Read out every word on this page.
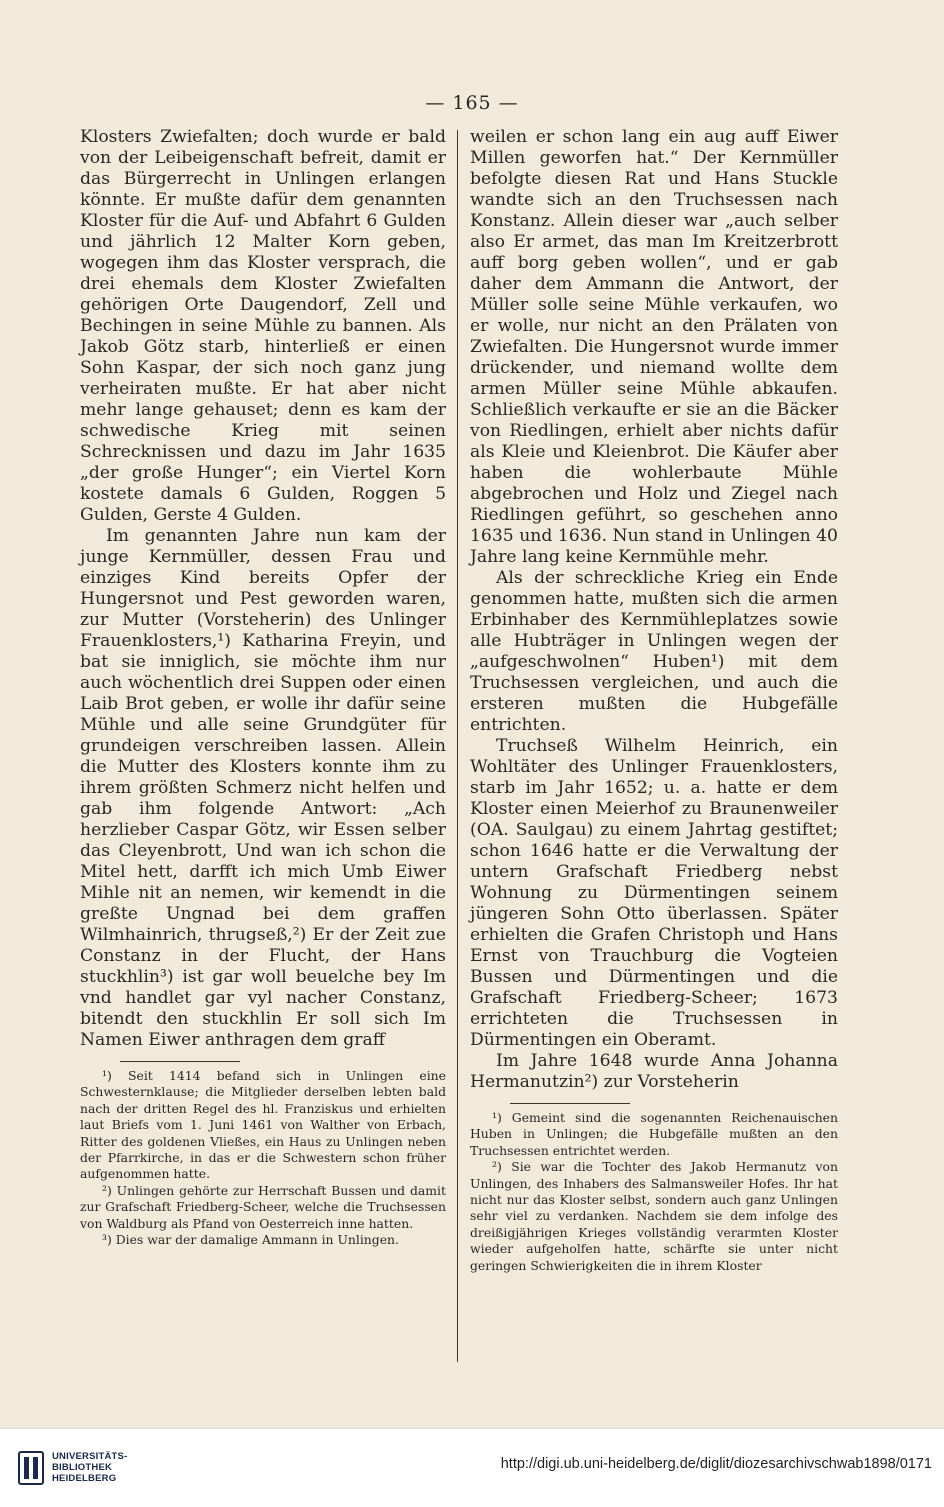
— 165 —

Klosters Zwiefalten; doch wurde er bald von der Leibeigenschaft befreit, damit er das Bürgerrecht in Unlingen erlangen könnte. Er mußte dafür dem genannten Kloster für die Auf- und Abfahrt 6 Gulden und jährlich 12 Malter Korn geben, wogegen ihm das Kloster versprach, die drei ehemals dem Kloster Zwiefalten gehörigen Orte Daugendorf, Zell und Bechingen in seine Mühle zu bannen. Als Jakob Götz starb, hinterließ er einen Sohn Kaspar, der sich noch ganz jung verheiraten mußte. Er hat aber nicht mehr lange gehauset; denn es kam der schwedische Krieg mit seinen Schrecknissen und dazu im Jahr 1635 „der große Hunger“; ein Viertel Korn kostete damals 6 Gulden, Roggen 5 Gulden, Gerste 4 Gulden.

Im genannten Jahre nun kam der junge Kernmüller, dessen Frau und einziges Kind bereits Opfer der Hungersnot und Pest geworden waren, zur Mutter (Vorsteherin) des Unlinger Frauenklosters,¹) Katharina Freyin, und bat sie inniglich, sie möchte ihm nur auch wöchentlich drei Suppen oder einen Laib Brot geben, er wolle ihr dafür seine Mühle und alle seine Grundgüter für grundeigen verschreiben lassen. Allein die Mutter des Klosters konnte ihm zu ihrem größten Schmerz nicht helfen und gab ihm folgende Antwort: „Ach herzlieber Caspar Götz, wir Essen selber das Cleyenbrott, Und wan ich schon die Mitel hett, darfft ich mich Umb Eiwer Mihle nit an nemen, wir kemendt in die greßte Ungnad bei dem graffen Wilmhainrich, thrugseß,²) Er der Zeit zue Constanz in der Flucht, der Hans stuckhlin³) ist gar woll beuelche bey Im vnd handlet gar vyl nacher Constanz, bitendt den stuckhlin Er soll sich Im Namen Eiwer anthragen dem graff

¹) Seit 1414 befand sich in Unlingen eine Schwesternklause; die Mitglieder derselben lebten bald nach der dritten Regel des hl. Franziskus und erhielten laut Briefs vom 1. Juni 1461 von Walther von Erbach, Ritter des goldenen Vließes, ein Haus zu Unlingen neben der Pfarrkirche, in das er die Schwestern schon früher aufgenommen hatte.

²) Unlingen gehörte zur Herrschaft Bussen und damit zur Grafschaft Friedberg-Scheer, welche die Truchsessen von Waldburg als Pfand von Oesterreich inne hatten.

³) Dies war der damalige Ammann in Unlingen.

weilen er schon lang ein aug auff Eiwer Millen geworfen hat.“ Der Kernmüller befolgte diesen Rat und Hans Stuckle wandte sich an den Truchsessen nach Konstanz. Allein dieser war „auch selber also Er armet, das man Im Kreitzerbrott auff borg geben wollen“, und er gab daher dem Ammann die Antwort, der Müller solle seine Mühle verkaufen, wo er wolle, nur nicht an den Prälaten von Zwiefalten. Die Hungersnot wurde immer drückender, und niemand wollte dem armen Müller seine Mühle abkaufen. Schließlich verkaufte er sie an die Bäcker von Riedlingen, erhielt aber nichts dafür als Kleie und Kleienbrot. Die Käufer aber haben die wohlerbaute Mühle abgebrochen und Holz und Ziegel nach Riedlingen geführt, so geschehen anno 1635 und 1636. Nun stand in Unlingen 40 Jahre lang keine Kernmühle mehr.

Als der schreckliche Krieg ein Ende genommen hatte, mußten sich die armen Erbinhaber des Kernmühleplatzes sowie alle Hubträger in Unlingen wegen der „aufgeschwolnen“ Huben¹) mit dem Truchsessen vergleichen, und auch die ersteren mußten die Hubgefälle entrichten.

Truchseß Wilhelm Heinrich, ein Wohltäter des Unlinger Frauenklosters, starb im Jahr 1652; u. a. hatte er dem Kloster einen Meierhof zu Braunenweiler (OA. Saulgau) zu einem Jahrtag gestiftet; schon 1646 hatte er die Verwaltung der untern Grafschaft Friedberg nebst Wohnung zu Dürmentingen seinem jüngeren Sohn Otto überlassen. Später erhielten die Grafen Christoph und Hans Ernst von Trauchburg die Vogteien Bussen und Dürmentingen und die Grafschaft Friedberg-Scheer; 1673 errichteten die Truchsessen in Dürmentingen ein Oberamt.

Im Jahre 1648 wurde Anna Johanna Hermanutzin²) zur Vorsteherin

¹) Gemeint sind die sogenannten Reichenauischen Huben in Unlingen; die Hubgefälle mußten an den Truchsessen entrichtet werden.

²) Sie war die Tochter des Jakob Hermanutz von Unlingen, des Inhabers des Salmansweiler Hofes. Ihr hat nicht nur das Kloster selbst, sondern auch ganz Unlingen sehr viel zu verdanken. Nachdem sie dem infolge des dreißigjährigen Krieges vollständig verarmten Kloster wieder aufgeholfen hatte, schärfte sie unter nicht geringen Schwierigkeiten die in ihrem Kloster

UNIVERSITÄTS-
BIBLIOTHEK
HEIDELBERG
http://digi.ub.uni-heidelberg.de/diglit/diozesarchivschwab1898/0171
